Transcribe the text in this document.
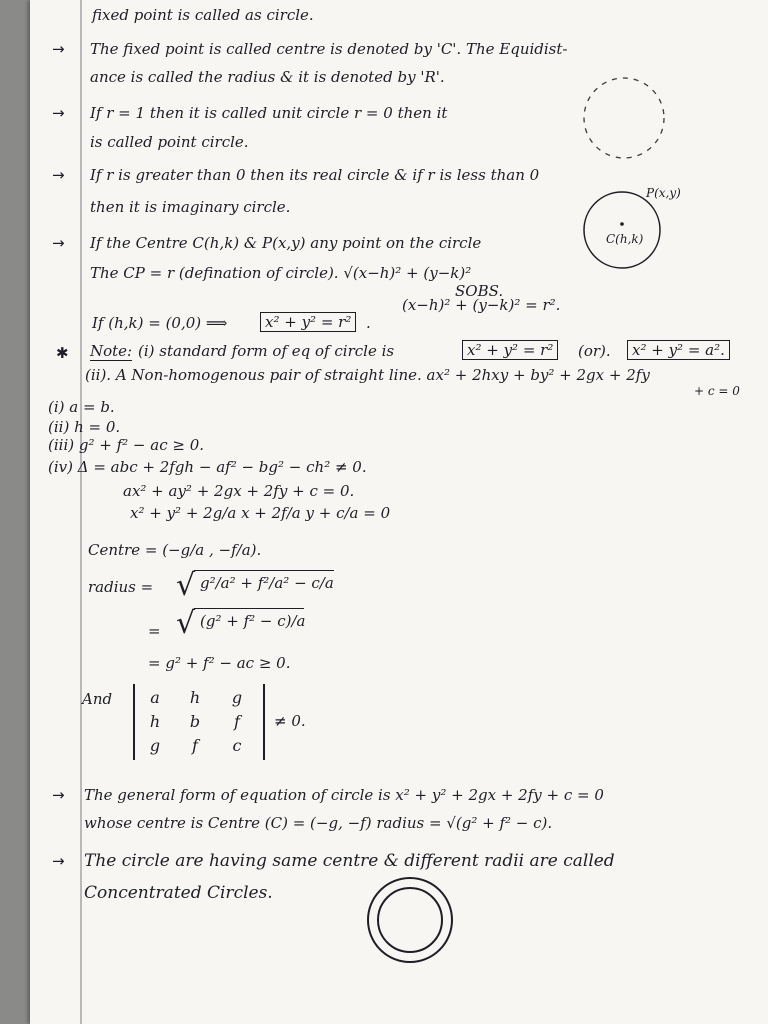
fixed point is called as circle.
→	The fixed point is called centre is denoted by 'C'. The Equidist-
ance is called the radius & it is denoted by 'R'.
→	If r = 1 then it is called unit circle r = 0 then it
is called point circle.
→	If r is greater than 0 then its real circle & if r is less than 0
then it is imaginary circle.
P(x,y)
C(h,k)
→	If the Centre C(h,k) & P(x,y) any point on the circle
The CP = r (defination of circle). √(x−h)² + (y−k)²
SOBS.
(x−h)² + (y−k)² = r².
If (h,k) = (0,0) ⟹	x² + y² = r² .
✱ Note: (i) standard form of eq of circle is	x² + y² = r²	(or).	x² + y² = a².
(ii). A Non-homogenous pair of straight line. ax² + 2hxy + by² + 2gx + 2fy
+ c = 0
(i) a = b.
(ii) h = 0.
(iii) g² + f² − ac ≥ 0.
(iv) Δ = abc + 2fgh − af² − bg² − ch² ≠ 0.
ax² + ay² + 2gx + 2fy + c = 0.
x² + y² + 2g/a x + 2f/a y + c/a = 0
Centre = (−g/a , −f/a).
radius = √ g²/a² + f²/a² − c/a
= √ (g² + f² − c)/a
= g² + f² − ac ≥ 0.
And	a	h	g
h	b	f
g	f	c
≠ 0.
→	The general form of equation of circle is x² + y² + 2gx + 2fy + c = 0
whose centre is Centre (C) = (−g, −f) radius = √(g² + f² − c).
→	The circle are having same centre & different radii are called
Concentrated Circles.
